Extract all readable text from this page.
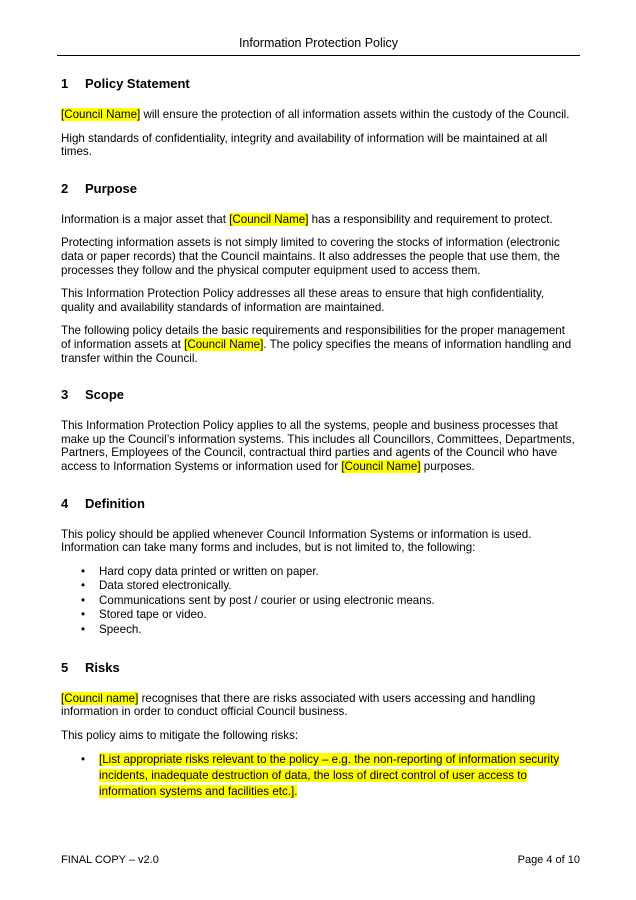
Information Protection Policy
1 Policy Statement

[Council Name] will ensure the protection of all information assets within the custody of the Council.

High standards of confidentiality, integrity and availability of information will be maintained at all times.

2 Purpose

Information is a major asset that [Council Name] has a responsibility and requirement to protect.

Protecting information assets is not simply limited to covering the stocks of information (electronic data or paper records) that the Council maintains. It also addresses the people that use them, the processes they follow and the physical computer equipment used to access them.

This Information Protection Policy addresses all these areas to ensure that high confidentiality, quality and availability standards of information are maintained.

The following policy details the basic requirements and responsibilities for the proper management of information assets at [Council Name]. The policy specifies the means of information handling and transfer within the Council.

3 Scope

This Information Protection Policy applies to all the systems, people and business processes that make up the Council’s information systems. This includes all Councillors, Committees, Departments, Partners, Employees of the Council, contractual third parties and agents of the Council who have access to Information Systems or information used for [Council Name] purposes.

4 Definition

This policy should be applied whenever Council Information Systems or information is used. Information can take many forms and includes, but is not limited to, the following:

• Hard copy data printed or written on paper.
• Data stored electronically.
• Communications sent by post / courier or using electronic means.
• Stored tape or video.
• Speech.
5 Risks

[Council name] recognises that there are risks associated with users accessing and handling information in order to conduct official Council business.

This policy aims to mitigate the following risks:

• [List appropriate risks relevant to the policy – e.g. the non-reporting of information security incidents, inadequate destruction of data, the loss of direct control of user access to information systems and facilities etc.].
FINAL COPY – v2.0	Page 4 of 10
